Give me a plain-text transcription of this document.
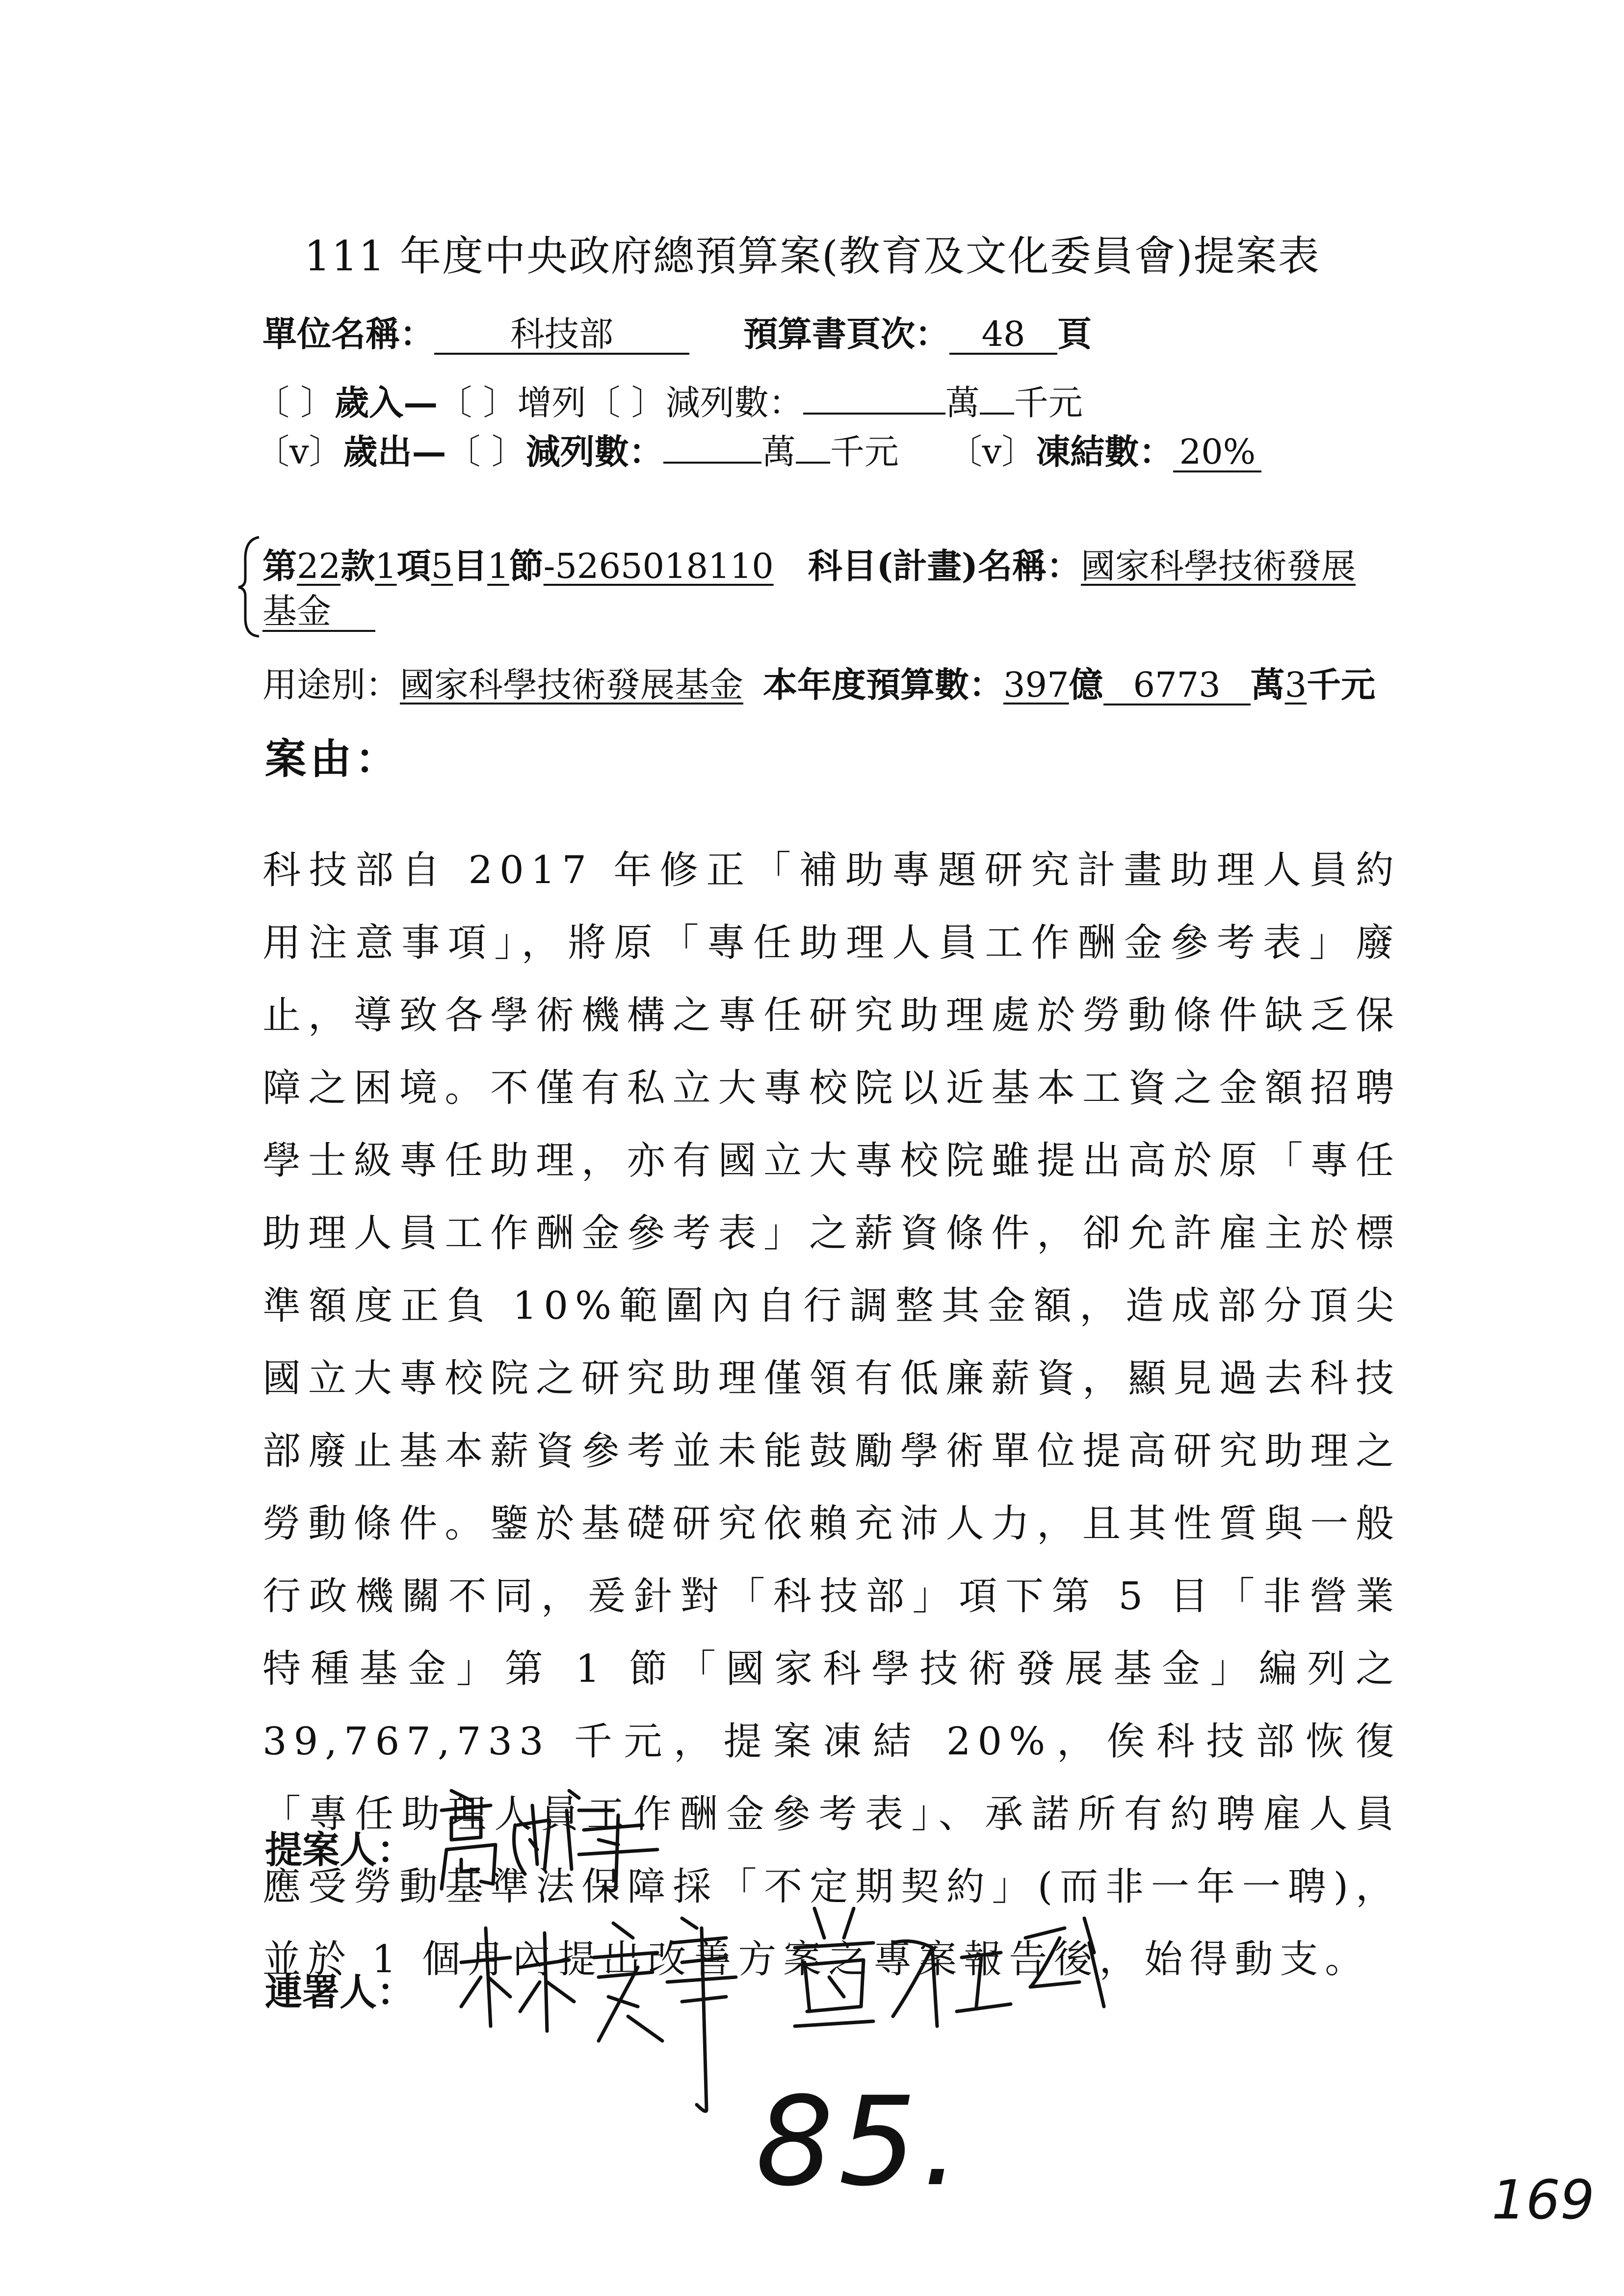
111 年度中央政府總預算案(教育及文化委員會)提案表
單位名稱： 科技部	預算書頁次： 48 頁
〔 〕歲入—〔 〕增列〔 〕減列數：	萬 千元
〔v〕歲出—〔 〕減列數：	萬 千元 〔v〕凍結數： 20%
第22款1項5目1節-5265018110 科目(計畫)名稱：國家科學技術發展
基金
用途別：國家科學技術發展基金 本年度預算數：397億 6773 萬3千元
案由：
科技部自 2017 年修正「補助專題研究計畫助理人員約用注意事項」，將原「專任助理人員工作酬金參考表」廢止，導致各學術機構之專任研究助理處於勞動條件缺乏保障之困境。不僅有私立大專校院以近基本工資之金額招聘學士級專任助理，亦有國立大專校院雖提出高於原「專任助理人員工作酬金參考表」之薪資條件，卻允許雇主於標準額度正負 10%範圍內自行調整其金額，造成部分頂尖國立大專校院之研究助理僅領有低廉薪資，顯見過去科技部廢止基本薪資參考並未能鼓勵學術單位提高研究助理之勞動條件。鑒於基礎研究依賴充沛人力，且其性質與一般行政機關不同，爰針對「科技部」項下第 5 目「非營業特種基金」第 1 節「國家科學技術發展基金」編列之 39,767,733 千元，提案凍結 20%，俟科技部恢復「專任助理人員工作酬金參考表」、承諾所有約聘雇人員應受勞動基準法保障採「不定期契約」(而非一年一聘)，並於 1 個月內提出改善方案之專案報告後，始得動支。
提案人：
連署人：
85.	169
